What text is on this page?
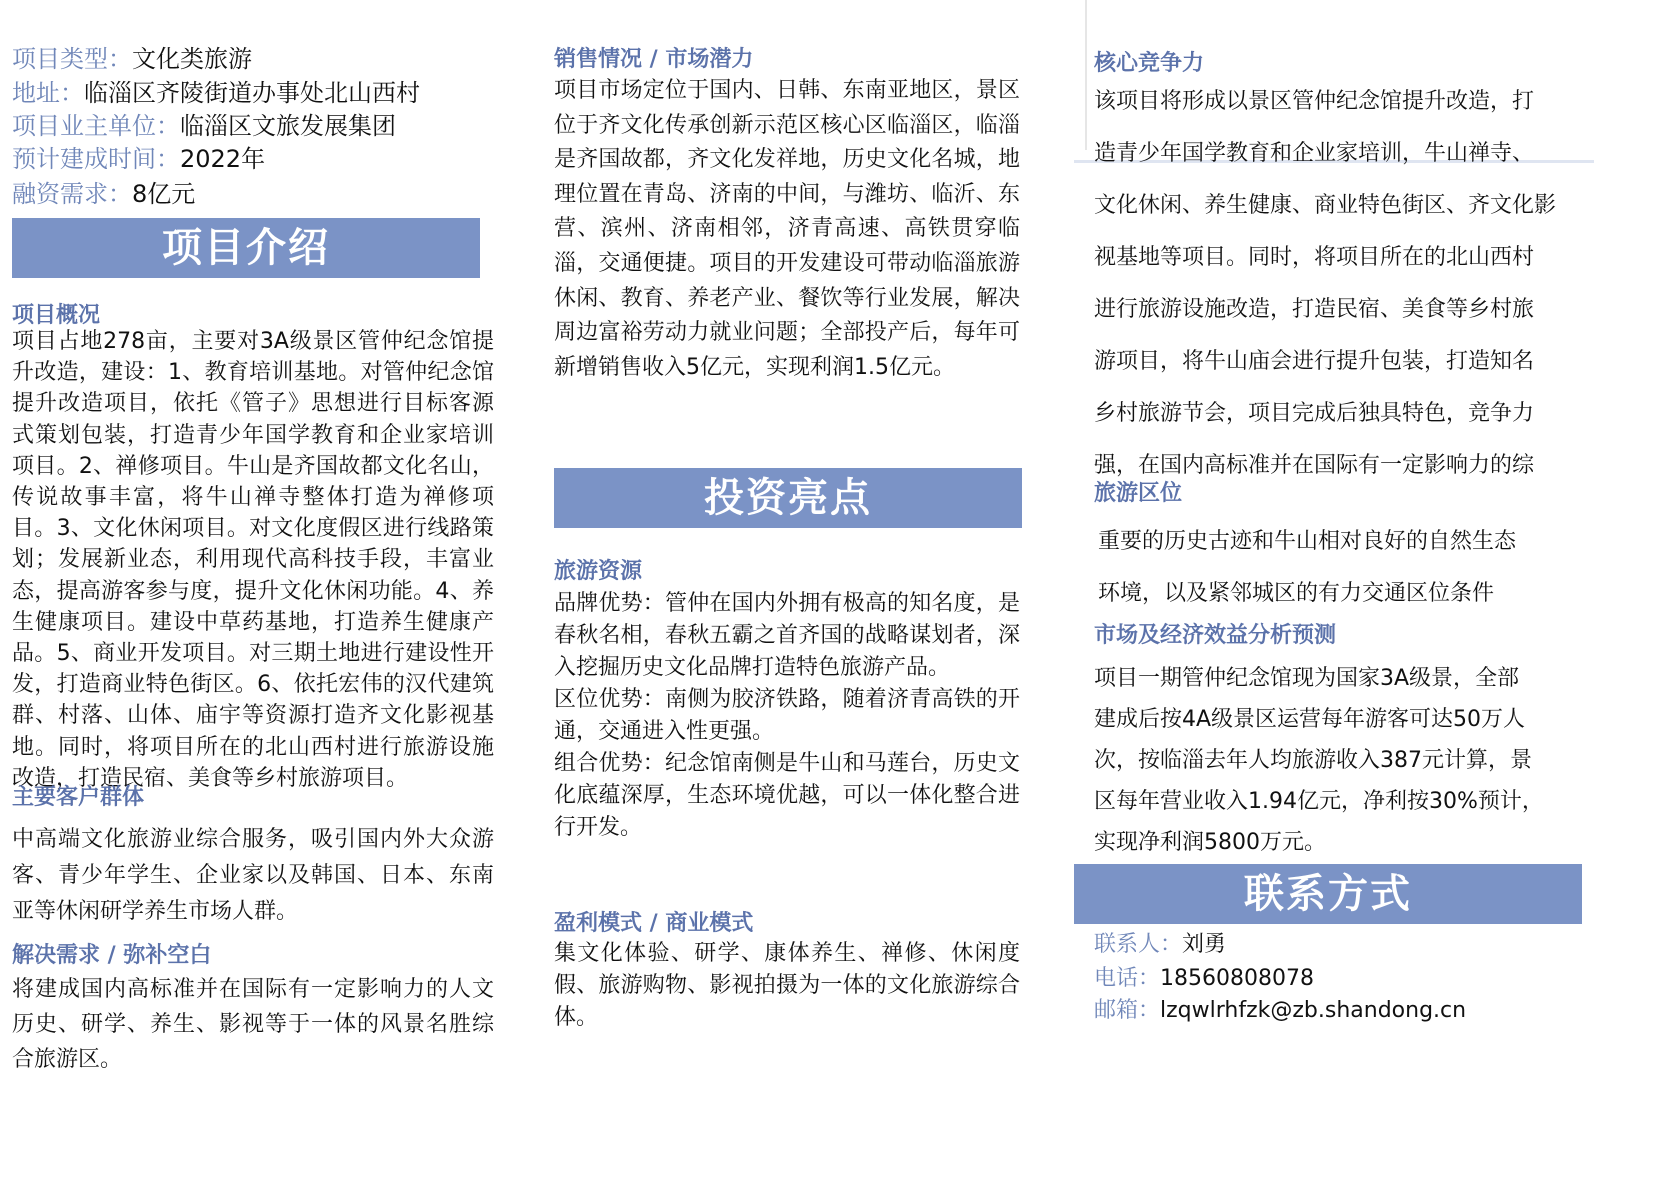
项目类型：文化类旅游
地址：临淄区齐陵街道办事处北山西村
项目业主单位：临淄区文旅发展集团
预计建成时间：2022年
融资需求：8亿元
项目介绍
项目概况
项目占地278亩，主要对3A级景区管仲纪念馆提升改造，建设：1、教育培训基地。对管仲纪念馆提升改造项目，依托《管子》思想进行目标客源式策划包装，打造青少年国学教育和企业家培训项目。2、禅修项目。牛山是齐国故都文化名山，传说故事丰富，将牛山禅寺整体打造为禅修项目。3、文化休闲项目。对文化度假区进行线路策划；发展新业态，利用现代高科技手段，丰富业态，提高游客参与度，提升文化休闲功能。4、养生健康项目。建设中草药基地，打造养生健康产品。5、商业开发项目。对三期土地进行建设性开发，打造商业特色街区。6、依托宏伟的汉代建筑群、村落、山体、庙宇等资源打造齐文化影视基地。同时，将项目所在的北山西村进行旅游设施改造，打造民宿、美食等乡村旅游项目。
主要客户群体
中高端文化旅游业综合服务，吸引国内外大众游客、青少年学生、企业家以及韩国、日本、东南亚等休闲研学养生市场人群。
解决需求 / 弥补空白
将建成国内高标准并在国际有一定影响力的人文历史、研学、养生、影视等于一体的风景名胜综合旅游区。
销售情况 / 市场潜力
项目市场定位于国内、日韩、东南亚地区，景区位于齐文化传承创新示范区核心区临淄区，临淄是齐国故都，齐文化发祥地，历史文化名城，地理位置在青岛、济南的中间，与潍坊、临沂、东营、滨州、济南相邻，济青高速、高铁贯穿临淄，交通便捷。项目的开发建设可带动临淄旅游休闲、教育、养老产业、餐饮等行业发展，解决周边富裕劳动力就业问题；全部投产后，每年可新增销售收入5亿元，实现利润1.5亿元。
投资亮点
旅游资源
品牌优势：管仲在国内外拥有极高的知名度，是春秋名相，春秋五霸之首齐国的战略谋划者，深入挖掘历史文化品牌打造特色旅游产品。
区位优势：南侧为胶济铁路，随着济青高铁的开通，交通进入性更强。
组合优势：纪念馆南侧是牛山和马莲台，历史文化底蕴深厚，生态环境优越，可以一体化整合进行开发。
盈利模式 / 商业模式
集文化体验、研学、康体养生、禅修、休闲度假、旅游购物、影视拍摄为一体的文化旅游综合体。
核心竞争力
该项目将形成以景区管仲纪念馆提升改造，打
造青少年国学教育和企业家培训，牛山禅寺、
文化休闲、养生健康、商业特色街区、齐文化影
视基地等项目。同时，将项目所在的北山西村
进行旅游设施改造，打造民宿、美食等乡村旅
游项目，将牛山庙会进行提升包装，打造知名
乡村旅游节会，项目完成后独具特色，竞争力
强，在国内高标准并在国际有一定影响力的综
旅游区位
重要的历史古迹和牛山相对良好的自然生态
环境，以及紧邻城区的有力交通区位条件
市场及经济效益分析预测
项目一期管仲纪念馆现为国家3A级景，全部
建成后按4A级景区运营每年游客可达50万人
次，按临淄去年人均旅游收入387元计算，景
区每年营业收入1.94亿元，净利按30%预计，
实现净利润5800万元。
联系方式
联系人：刘勇
电话：18560808078
邮箱：lzqwlrhfzk@zb.shandong.cn
